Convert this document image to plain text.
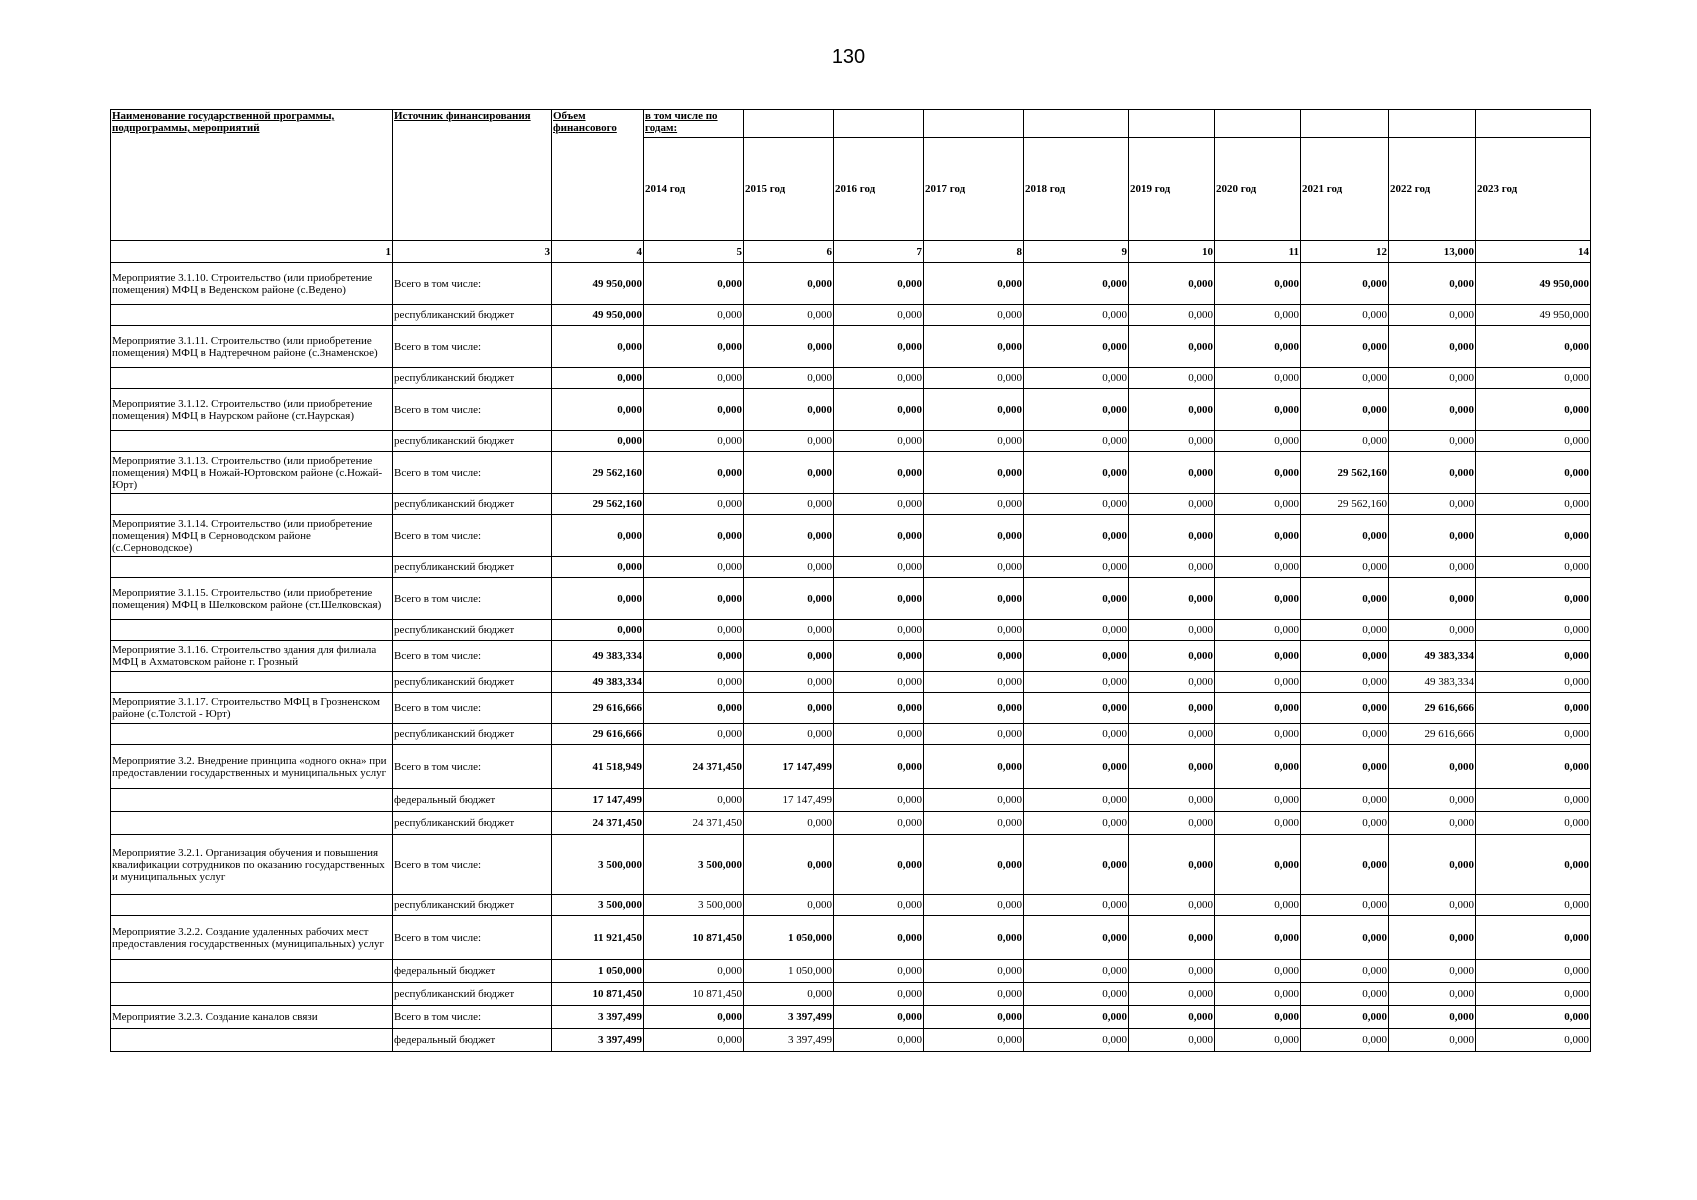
130
Наименование государственной программы, подпрограммы, мероприятий	Источник финансирования	Объем финансового	в том числе по годам:									
			2014 год	2015 год	2016 год	2017 год	2018 год	2019 год	2020 год	2021 год	2022 год	2023 год
1	3	4	5	6	7	8	9	10	11	12	13,000	14
Мероприятие 3.1.10. Строительство (или приобретение помещения) МФЦ в Веденском районе (с.Ведено)	Всего в том числе:	49 950,000	0,000	0,000	0,000	0,000	0,000	0,000	0,000	0,000	0,000	49 950,000
	республиканский бюджет	49 950,000	0,000	0,000	0,000	0,000	0,000	0,000	0,000	0,000	0,000	49 950,000
Мероприятие 3.1.11. Строительство (или приобретение помещения) МФЦ в Надтеречном районе (с.Знаменское)	Всего в том числе:	0,000	0,000	0,000	0,000	0,000	0,000	0,000	0,000	0,000	0,000	0,000
	республиканский бюджет	0,000	0,000	0,000	0,000	0,000	0,000	0,000	0,000	0,000	0,000	0,000
Мероприятие 3.1.12. Строительство (или приобретение помещения) МФЦ в Наурском районе (ст.Наурская)	Всего в том числе:	0,000	0,000	0,000	0,000	0,000	0,000	0,000	0,000	0,000	0,000	0,000
	республиканский бюджет	0,000	0,000	0,000	0,000	0,000	0,000	0,000	0,000	0,000	0,000	0,000
Мероприятие 3.1.13. Строительство (или приобретение помещения) МФЦ в Ножай-Юртовском районе (с.Ножай-Юрт)	Всего в том числе:	29 562,160	0,000	0,000	0,000	0,000	0,000	0,000	0,000	29 562,160	0,000	0,000
	республиканский бюджет	29 562,160	0,000	0,000	0,000	0,000	0,000	0,000	0,000	29 562,160	0,000	0,000
Мероприятие 3.1.14. Строительство (или приобретение помещения) МФЦ в Серноводском районе (с.Серноводское)	Всего в том числе:	0,000	0,000	0,000	0,000	0,000	0,000	0,000	0,000	0,000	0,000	0,000
	республиканский бюджет	0,000	0,000	0,000	0,000	0,000	0,000	0,000	0,000	0,000	0,000	0,000
Мероприятие 3.1.15. Строительство (или приобретение помещения) МФЦ в Шелковском районе (ст.Шелковская)	Всего в том числе:	0,000	0,000	0,000	0,000	0,000	0,000	0,000	0,000	0,000	0,000	0,000
	республиканский бюджет	0,000	0,000	0,000	0,000	0,000	0,000	0,000	0,000	0,000	0,000	0,000
Мероприятие 3.1.16. Строительство здания для филиала МФЦ в Ахматовском районе г. Грозный	Всего в том числе:	49 383,334	0,000	0,000	0,000	0,000	0,000	0,000	0,000	0,000	49 383,334	0,000
	республиканский бюджет	49 383,334	0,000	0,000	0,000	0,000	0,000	0,000	0,000	0,000	49 383,334	0,000
Мероприятие 3.1.17. Строительство МФЦ в Грозненском районе (с.Толстой - Юрт)	Всего в том числе:	29 616,666	0,000	0,000	0,000	0,000	0,000	0,000	0,000	0,000	29 616,666	0,000
	республиканский бюджет	29 616,666	0,000	0,000	0,000	0,000	0,000	0,000	0,000	0,000	29 616,666	0,000
Мероприятие 3.2. Внедрение принципа «одного окна» при предоставлении государственных и муниципальных услуг	Всего в том числе:	41 518,949	24 371,450	17 147,499	0,000	0,000	0,000	0,000	0,000	0,000	0,000	0,000
	федеральный бюджет	17 147,499	0,000	17 147,499	0,000	0,000	0,000	0,000	0,000	0,000	0,000	0,000
	республиканский бюджет	24 371,450	24 371,450	0,000	0,000	0,000	0,000	0,000	0,000	0,000	0,000	0,000
Мероприятие 3.2.1. Организация обучения и повышения квалификации сотрудников по оказанию государственных и муниципальных услуг	Всего в том числе:	3 500,000	3 500,000	0,000	0,000	0,000	0,000	0,000	0,000	0,000	0,000	0,000
	республиканский бюджет	3 500,000	3 500,000	0,000	0,000	0,000	0,000	0,000	0,000	0,000	0,000	0,000
Мероприятие 3.2.2. Создание удаленных рабочих мест предоставления государственных (муниципальных) услуг	Всего в том числе:	11 921,450	10 871,450	1 050,000	0,000	0,000	0,000	0,000	0,000	0,000	0,000	0,000
	федеральный бюджет	1 050,000	0,000	1 050,000	0,000	0,000	0,000	0,000	0,000	0,000	0,000	0,000
	республиканский бюджет	10 871,450	10 871,450	0,000	0,000	0,000	0,000	0,000	0,000	0,000	0,000	0,000
Мероприятие 3.2.3. Создание каналов связи	Всего в том числе:	3 397,499	0,000	3 397,499	0,000	0,000	0,000	0,000	0,000	0,000	0,000	0,000
	федеральный бюджет	3 397,499	0,000	3 397,499	0,000	0,000	0,000	0,000	0,000	0,000	0,000	0,000
